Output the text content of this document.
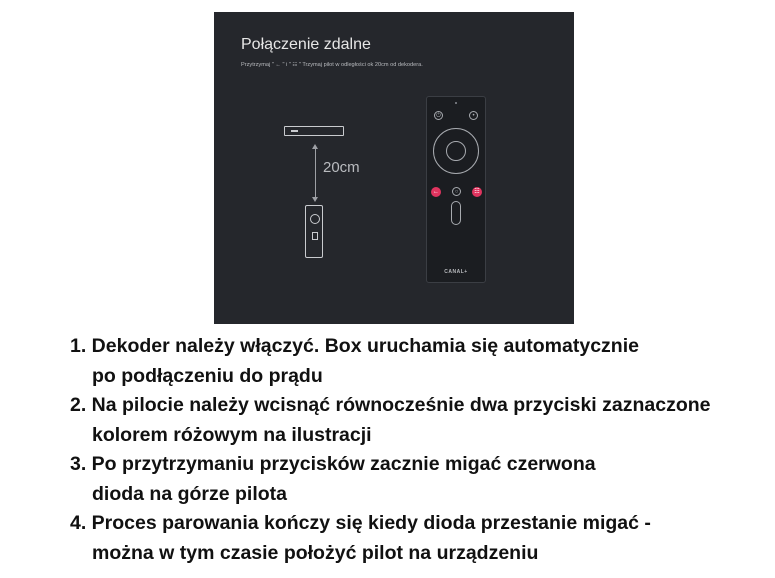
Połączenie zdalne
Przytrzymaj " ← " i " ☷ " Trzymaj pilot w odległości ok 20cm od dekodera.
20cm
⏻	•
←	○	☷
CANAL+
1. Dekoder należy włączyć. Box uruchamia się automatycznie
po podłączeniu do prądu
2. Na pilocie należy wcisnąć równocześnie dwa przyciski zaznaczone
kolorem różowym na ilustracji
3. Po przytrzymaniu przycisków zacznie migać czerwona
dioda na górze pilota
4. Proces parowania kończy się kiedy dioda przestanie migać -
można w tym czasie położyć pilot na urządzeniu
